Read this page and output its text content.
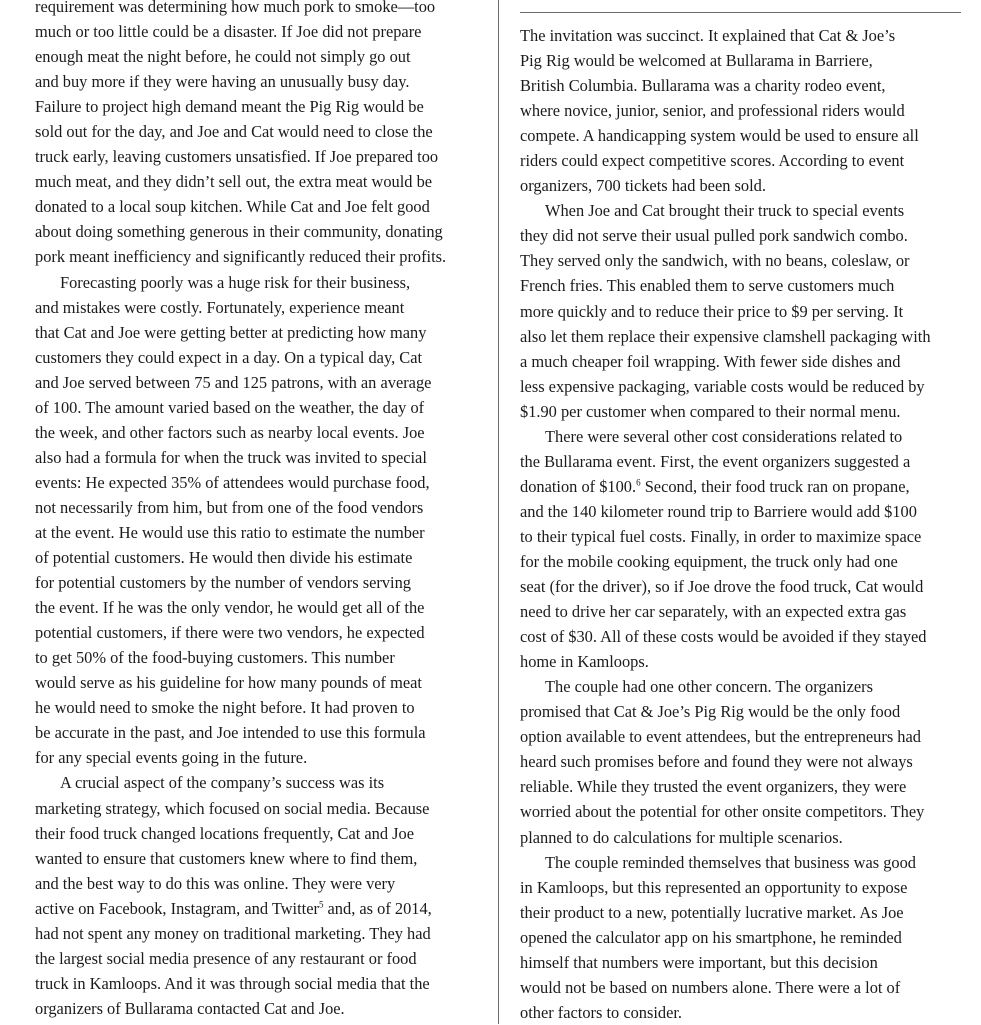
requirement was determining how much pork to smoke—too
much or too little could be a disaster. If Joe did not prepare
enough meat the night before, he could not simply go out
and buy more if they were having an unusually busy day.
Failure to project high demand meant the Pig Rig would be
sold out for the day, and Joe and Cat would need to close the
truck early, leaving customers unsatisfied. If Joe prepared too
much meat, and they didn’t sell out, the extra meat would be
donated to a local soup kitchen. While Cat and Joe felt good
about doing something generous in their community, donating
pork meant inefficiency and significantly reduced their profits.
Forecasting poorly was a huge risk for their business,
and mistakes were costly. Fortunately, experience meant
that Cat and Joe were getting better at predicting how many
customers they could expect in a day. On a typical day, Cat
and Joe served between 75 and 125 patrons, with an average
of 100. The amount varied based on the weather, the day of
the week, and other factors such as nearby local events. Joe
also had a formula for when the truck was invited to special
events: He expected 35% of attendees would purchase food,
not necessarily from him, but from one of the food vendors
at the event. He would use this ratio to estimate the number
of potential customers. He would then divide his estimate
for potential customers by the number of vendors serving
the event. If he was the only vendor, he would get all of the
potential customers, if there were two vendors, he expected
to get 50% of the food-buying customers. This number
would serve as his guideline for how many pounds of meat
he would need to smoke the night before. It had proven to
be accurate in the past, and Joe intended to use this formula
for any special events going in the future.
A crucial aspect of the company’s success was its
marketing strategy, which focused on social media. Because
their food truck changed locations frequently, Cat and Joe
wanted to ensure that customers knew where to find them,
and the best way to do this was online. They were very
active on Facebook, Instagram, and Twitter$^5$ and, as of 2014,
had not spent any money on traditional marketing. They had
the largest social media presence of any restaurant or food
truck in Kamloops. And it was through social media that the
organizers of Bullarama contacted Cat and Joe.
The invitation was succinct. It explained that Cat & Joe’s
Pig Rig would be welcomed at Bullarama in Barriere,
British Columbia. Bullarama was a charity rodeo event,
where novice, junior, senior, and professional riders would
compete. A handicapping system would be used to ensure all
riders could expect competitive scores. According to event
organizers, 700 tickets had been sold.
When Joe and Cat brought their truck to special events
they did not serve their usual pulled pork sandwich combo.
They served only the sandwich, with no beans, coleslaw, or
French fries. This enabled them to serve customers much
more quickly and to reduce their price to $9 per serving. It
also let them replace their expensive clamshell packaging with
a much cheaper foil wrapping. With fewer side dishes and
less expensive packaging, variable costs would be reduced by
$1.90 per customer when compared to their normal menu.
There were several other cost considerations related to
the Bullarama event. First, the event organizers suggested a
donation of $100.$^6$ Second, their food truck ran on propane,
and the 140 kilometer round trip to Barriere would add $100
to their typical fuel costs. Finally, in order to maximize space
for the mobile cooking equipment, the truck only had one
seat (for the driver), so if Joe drove the food truck, Cat would
need to drive her car separately, with an expected extra gas
cost of $30. All of these costs would be avoided if they stayed
home in Kamloops.
The couple had one other concern. The organizers
promised that Cat & Joe’s Pig Rig would be the only food
option available to event attendees, but the entrepreneurs had
heard such promises before and found they were not always
reliable. While they trusted the event organizers, they were
worried about the potential for other onsite competitors. They
planned to do calculations for multiple scenarios.
The couple reminded themselves that business was good
in Kamloops, but this represented an opportunity to expose
their product to a new, potentially lucrative market. As Joe
opened the calculator app on his smartphone, he reminded
himself that numbers were important, but this decision
would not be based on numbers alone. There were a lot of
other factors to consider.
